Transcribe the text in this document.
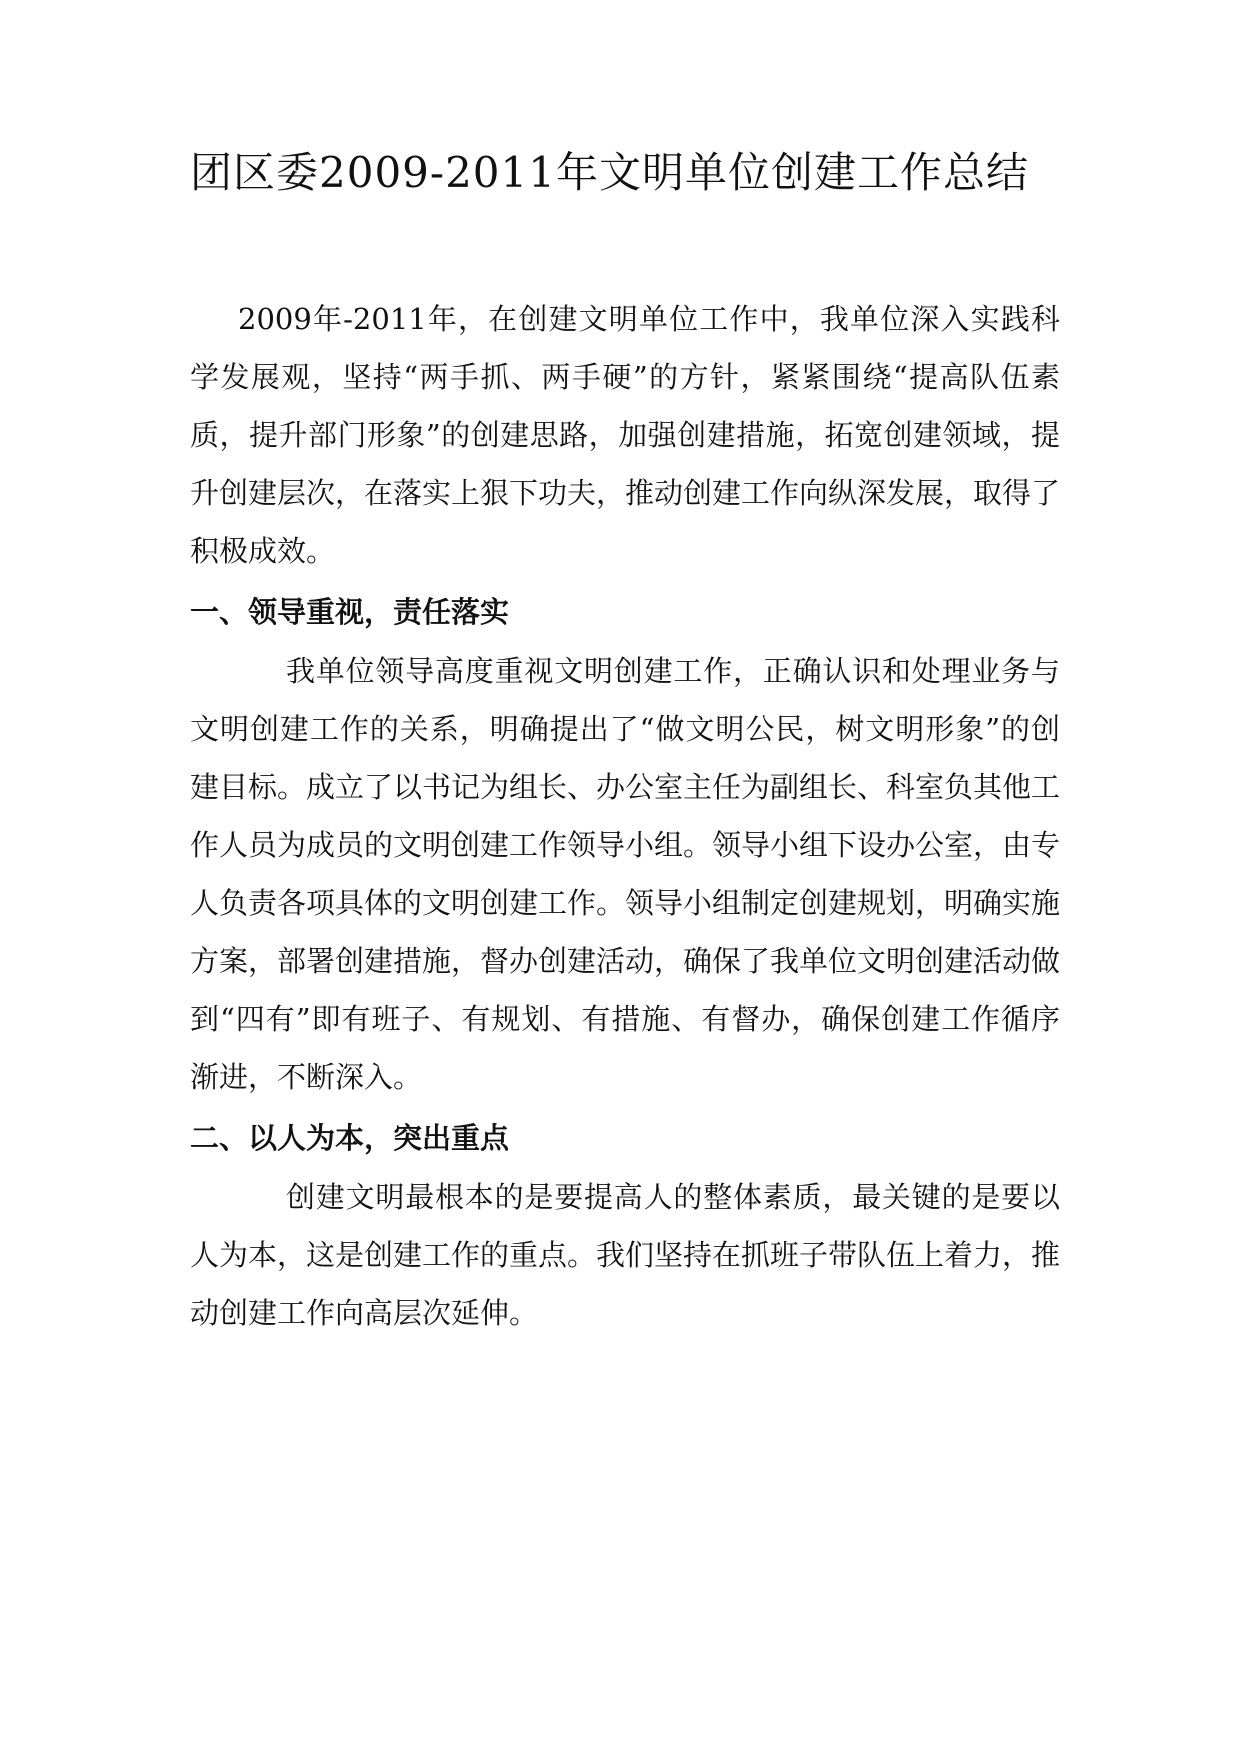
团区委2009-2011年文明单位创建工作总结

2009年-2011年，在创建文明单位工作中，我单位深入实践科学发展观，坚持“两手抓、两手硬”的方针，紧紧围绕“提高队伍素质，提升部门形象”的创建思路，加强创建措施，拓宽创建领域，提升创建层次，在落实上狠下功夫，推动创建工作向纵深发展，取得了积极成效。

一、领导重视，责任落实

我单位领导高度重视文明创建工作，正确认识和处理业务与文明创建工作的关系，明确提出了“做文明公民，树文明形象”的创建目标。成立了以书记为组长、办公室主任为副组长、科室负其他工作人员为成员的文明创建工作领导小组。领导小组下设办公室，由专人负责各项具体的文明创建工作。领导小组制定创建规划，明确实施方案，部署创建措施，督办创建活动，确保了我单位文明创建活动做到“四有”即有班子、有规划、有措施、有督办，确保创建工作循序渐进，不断深入。

二、以人为本，突出重点

创建文明最根本的是要提高人的整体素质，最关键的是要以人为本，这是创建工作的重点。我们坚持在抓班子带队伍上着力，推动创建工作向高层次延伸。
